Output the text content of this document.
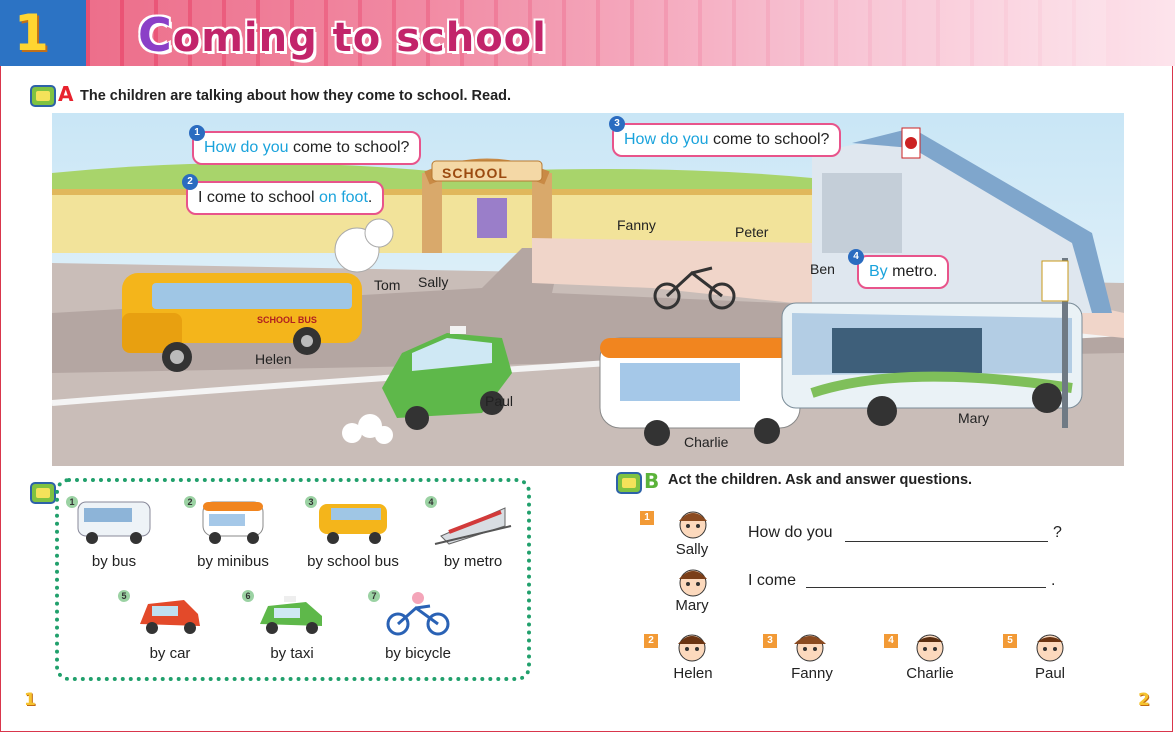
1 Coming to school
A The children are talking about how they come to school. Read.
SCHOOL
SCHOOL BUS
How do you come to school?
1
I come to school on foot.
2
How do you come to school?
3
By metro.
4
Tom Sally
Fanny	Peter
Ben
Helen
Paul
Charlie
Mary
by bus
1
by minibus
2
by school bus
3
by metro
4
by car
5
by taxi
6
by bicycle
7
B Act the children. Ask and answer questions.
1
Sally
How do you	?
Mary
I come	.
2
Helen
3
Fanny
4
Charlie
5
Paul
1	2
